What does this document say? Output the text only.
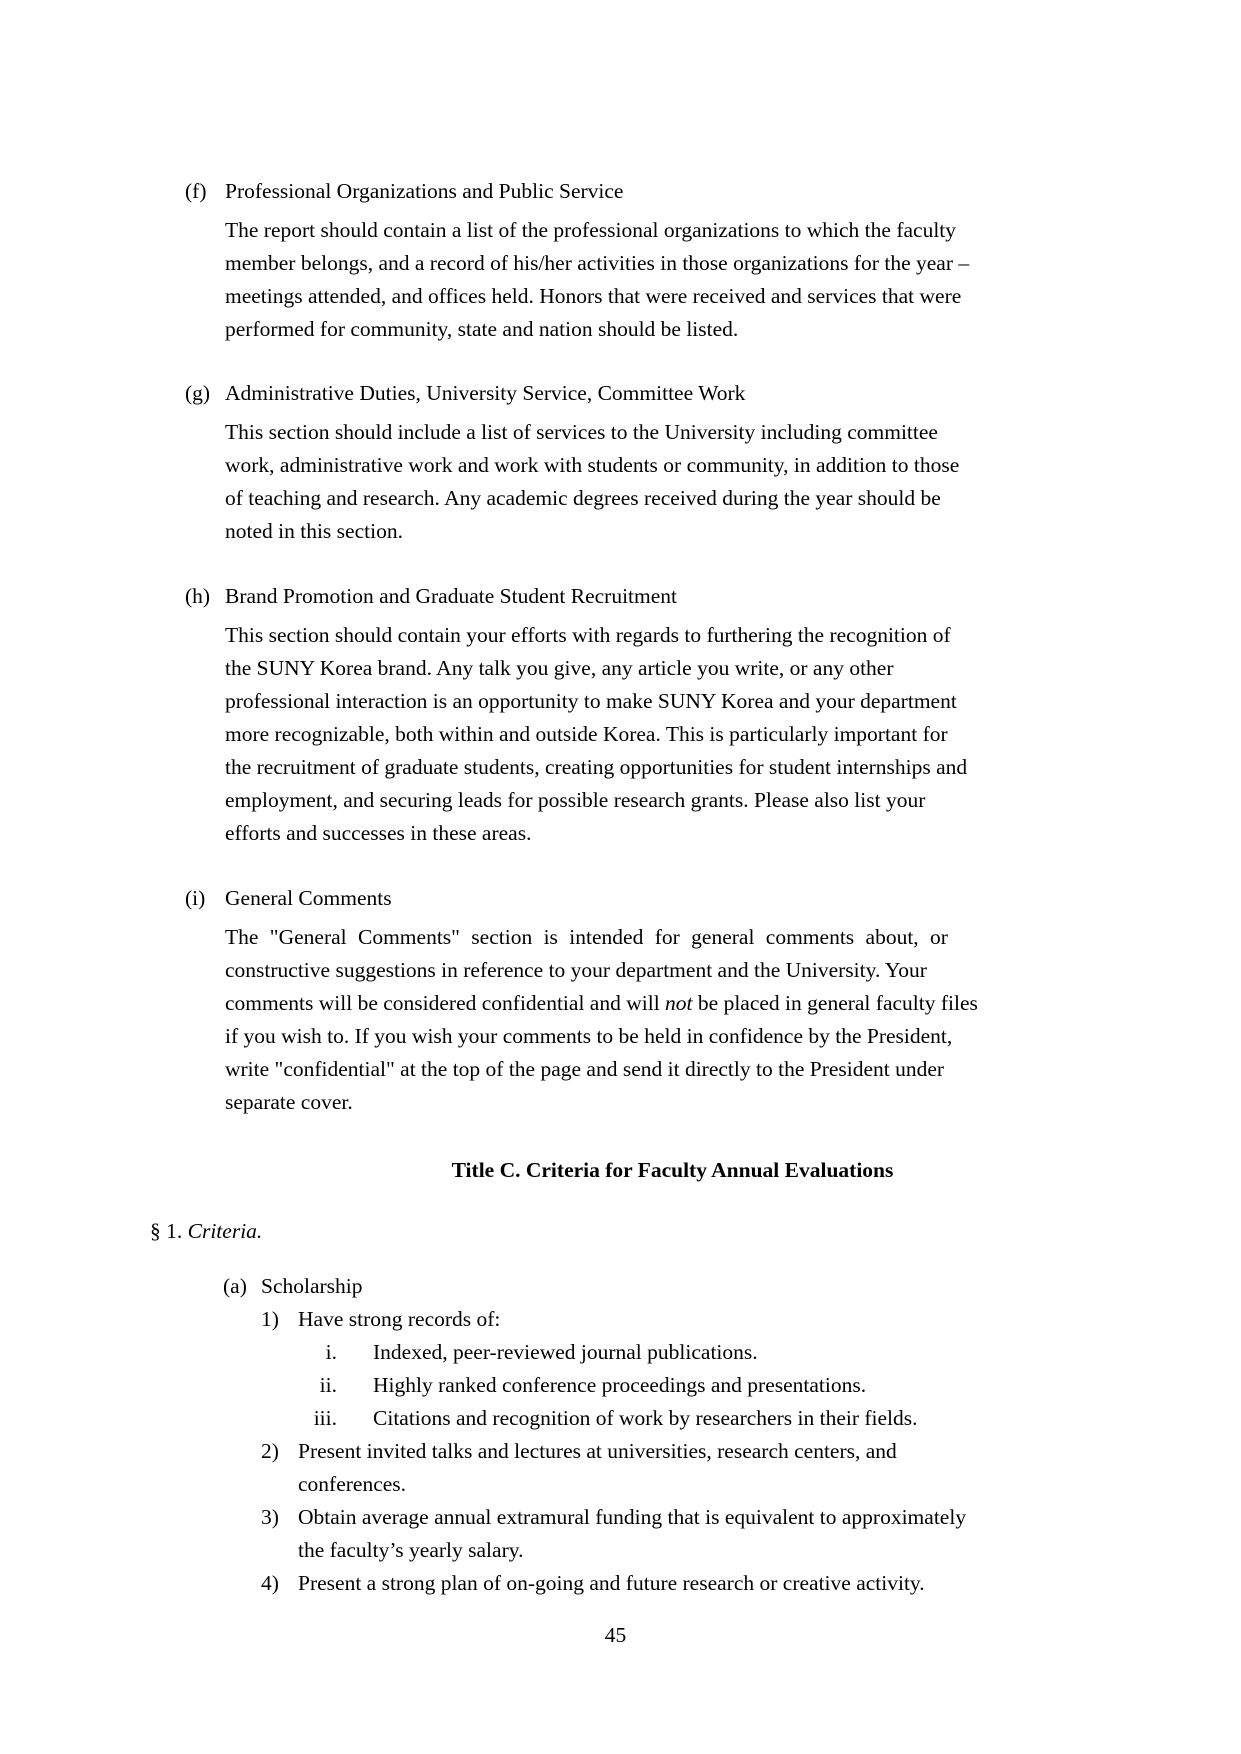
(f) Professional Organizations and Public Service
The report should contain a list of the professional organizations to which the faculty
member belongs, and a record of his/her activities in those organizations for the year –
meetings attended, and offices held. Honors that were received and services that were
performed for community, state and nation should be listed.
(g) Administrative Duties, University Service, Committee Work
This section should include a list of services to the University including committee
work, administrative work and work with students or community, in addition to those
of teaching and research. Any academic degrees received during the year should be
noted in this section.
(h) Brand Promotion and Graduate Student Recruitment
This section should contain your efforts with regards to furthering the recognition of
the SUNY Korea brand. Any talk you give, any article you write, or any other
professional interaction is an opportunity to make SUNY Korea and your department
more recognizable, both within and outside Korea. This is particularly important for
the recruitment of graduate students, creating opportunities for student internships and
employment, and securing leads for possible research grants. Please also list your
efforts and successes in these areas.
(i) General Comments
The "General Comments" section is intended for general comments about, or
constructive suggestions in reference to your department and the University. Your
comments will be considered confidential and will not be placed in general faculty files
if you wish to. If you wish your comments to be held in confidence by the President,
write "confidential" at the top of the page and send it directly to the President under
separate cover.
Title C. Criteria for Faculty Annual Evaluations
§ 1. Criteria.
(a) Scholarship
1) Have strong records of:
i. Indexed, peer-reviewed journal publications.
ii. Highly ranked conference proceedings and presentations.
iii. Citations and recognition of work by researchers in their fields.
2) Present invited talks and lectures at universities, research centers, and
conferences.
3) Obtain average annual extramural funding that is equivalent to approximately
the faculty’s yearly salary.
4) Present a strong plan of on-going and future research or creative activity.
45
